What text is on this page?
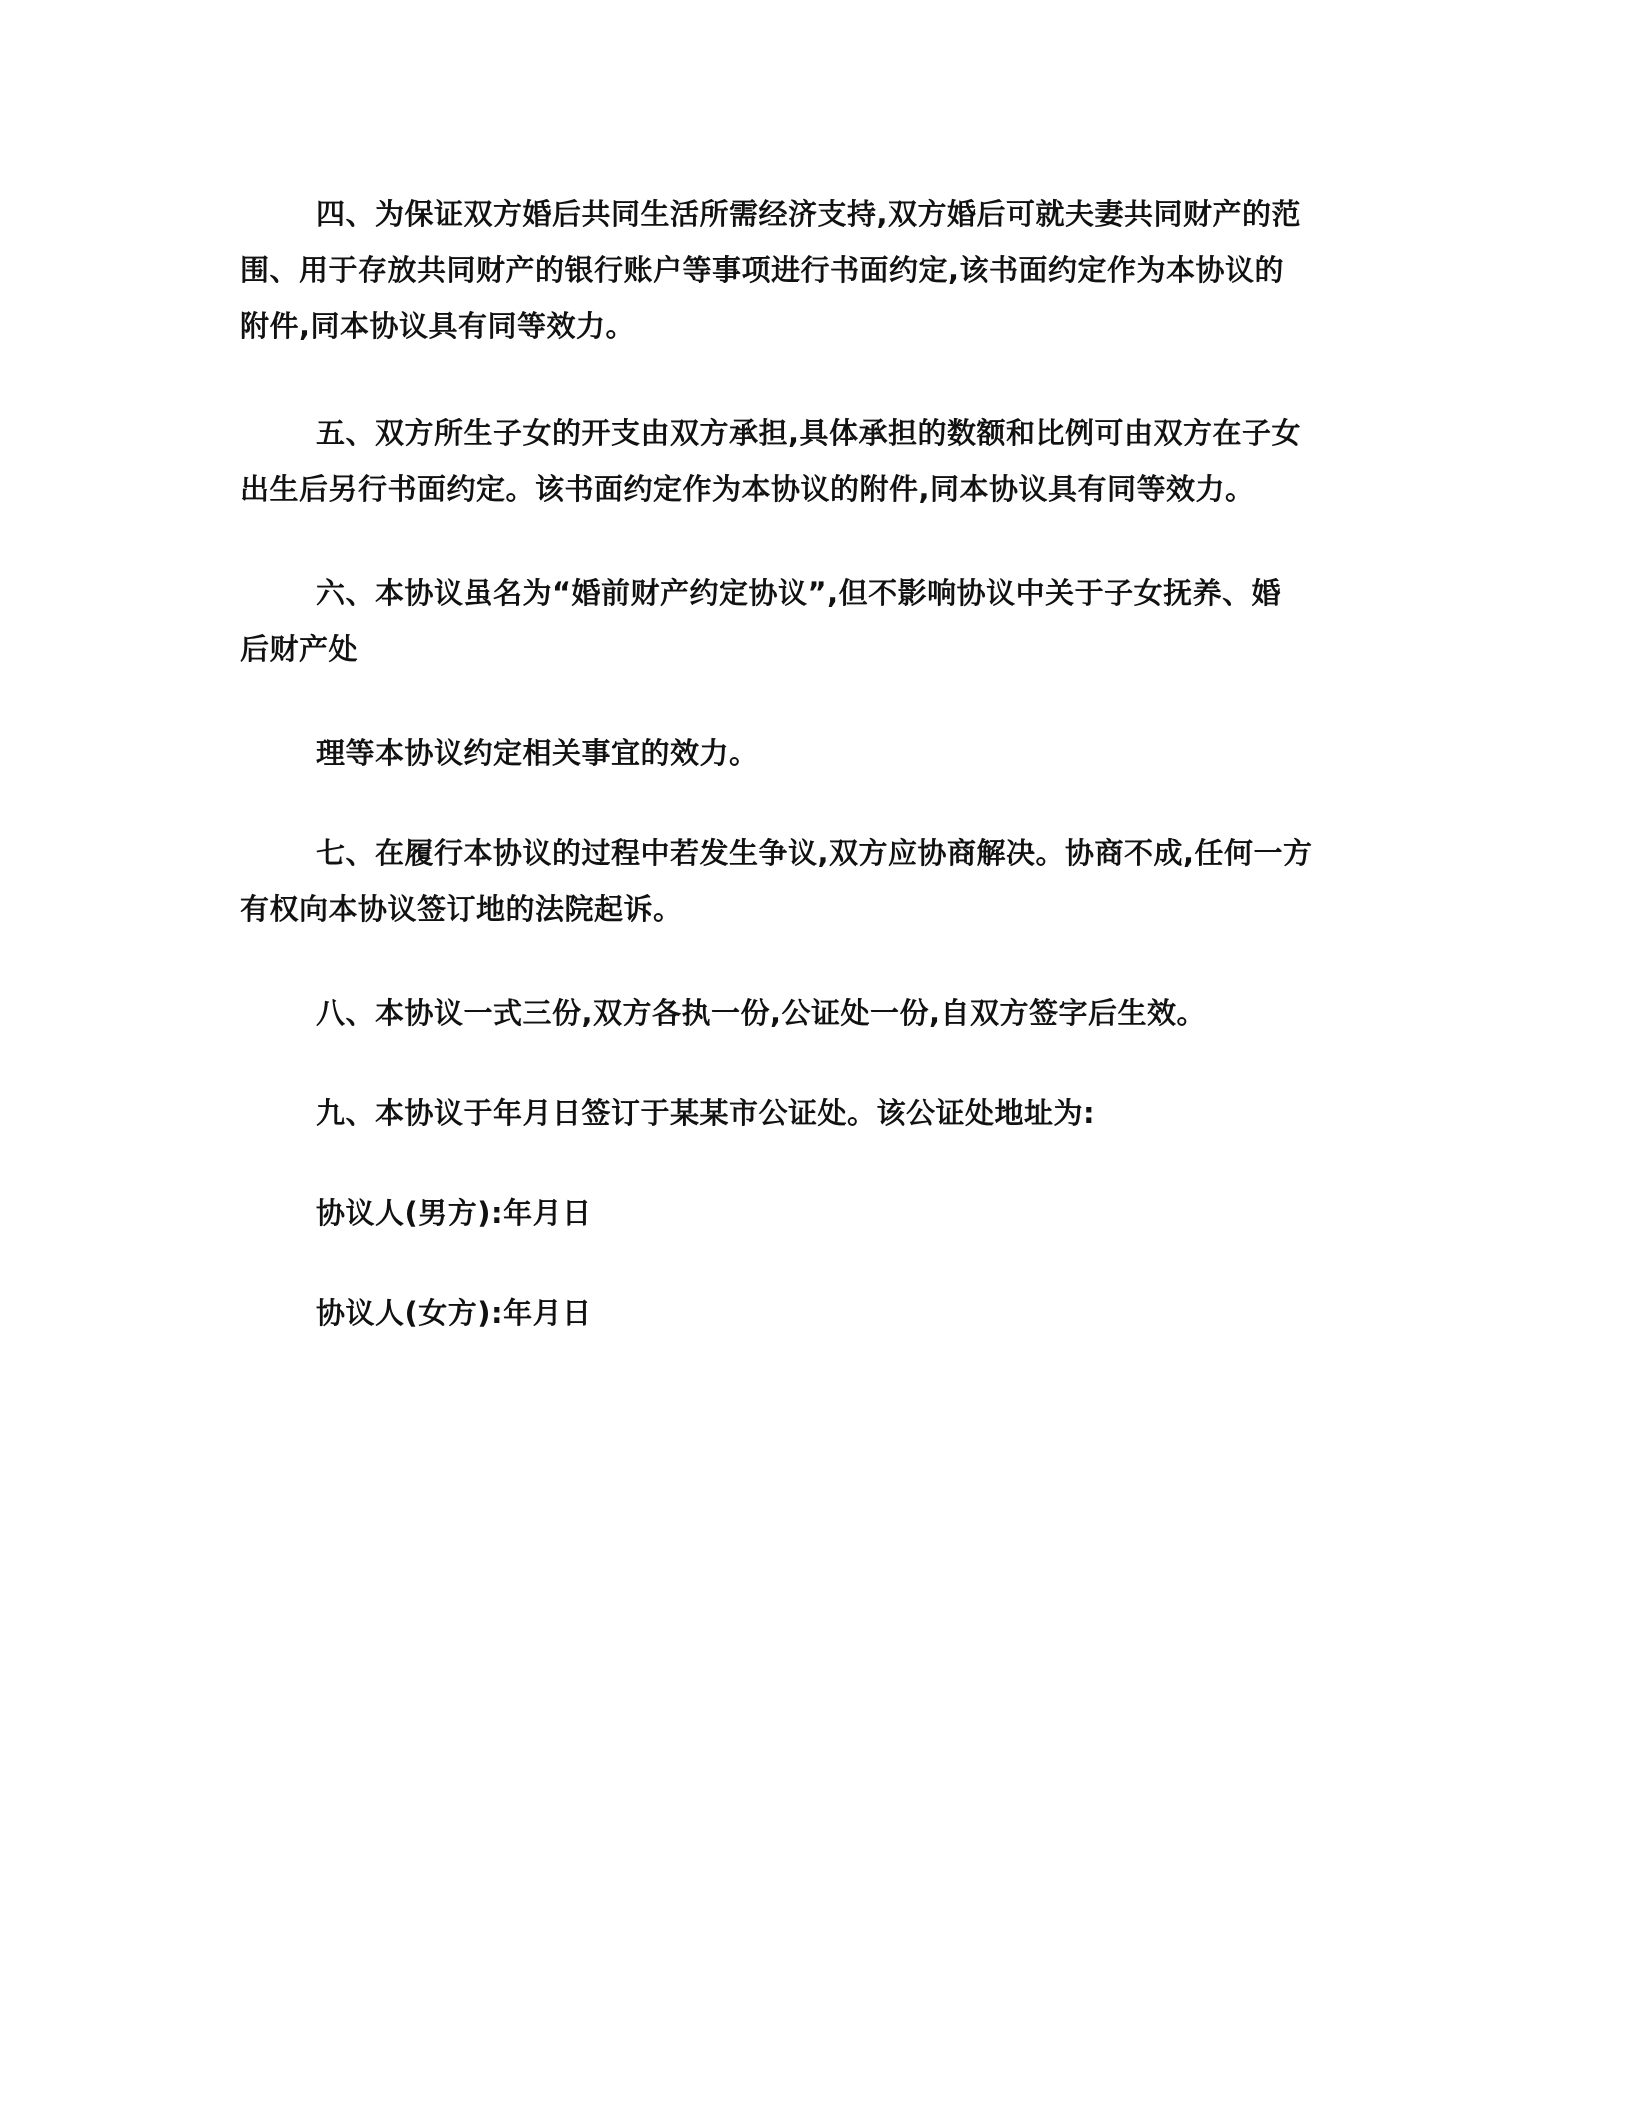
四、为保证双方婚后共同生活所需经济支持,双方婚后可就夫妻共同财产的范
围、用于存放共同财产的银行账户等事项进行书面约定,该书面约定作为本协议的
附件,同本协议具有同等效力。
五、双方所生子女的开支由双方承担,具体承担的数额和比例可由双方在子女
出生后另行书面约定。该书面约定作为本协议的附件,同本协议具有同等效力。
六、本协议虽名为“婚前财产约定协议”,但不影响协议中关于子女抚养、婚
后财产处
理等本协议约定相关事宜的效力。
七、在履行本协议的过程中若发生争议,双方应协商解决。协商不成,任何一方
有权向本协议签订地的法院起诉。
八、本协议一式三份,双方各执一份,公证处一份,自双方签字后生效。
九、本协议于年月日签订于某某市公证处。该公证处地址为:
协议人(男方):年月日
协议人(女方):年月日
